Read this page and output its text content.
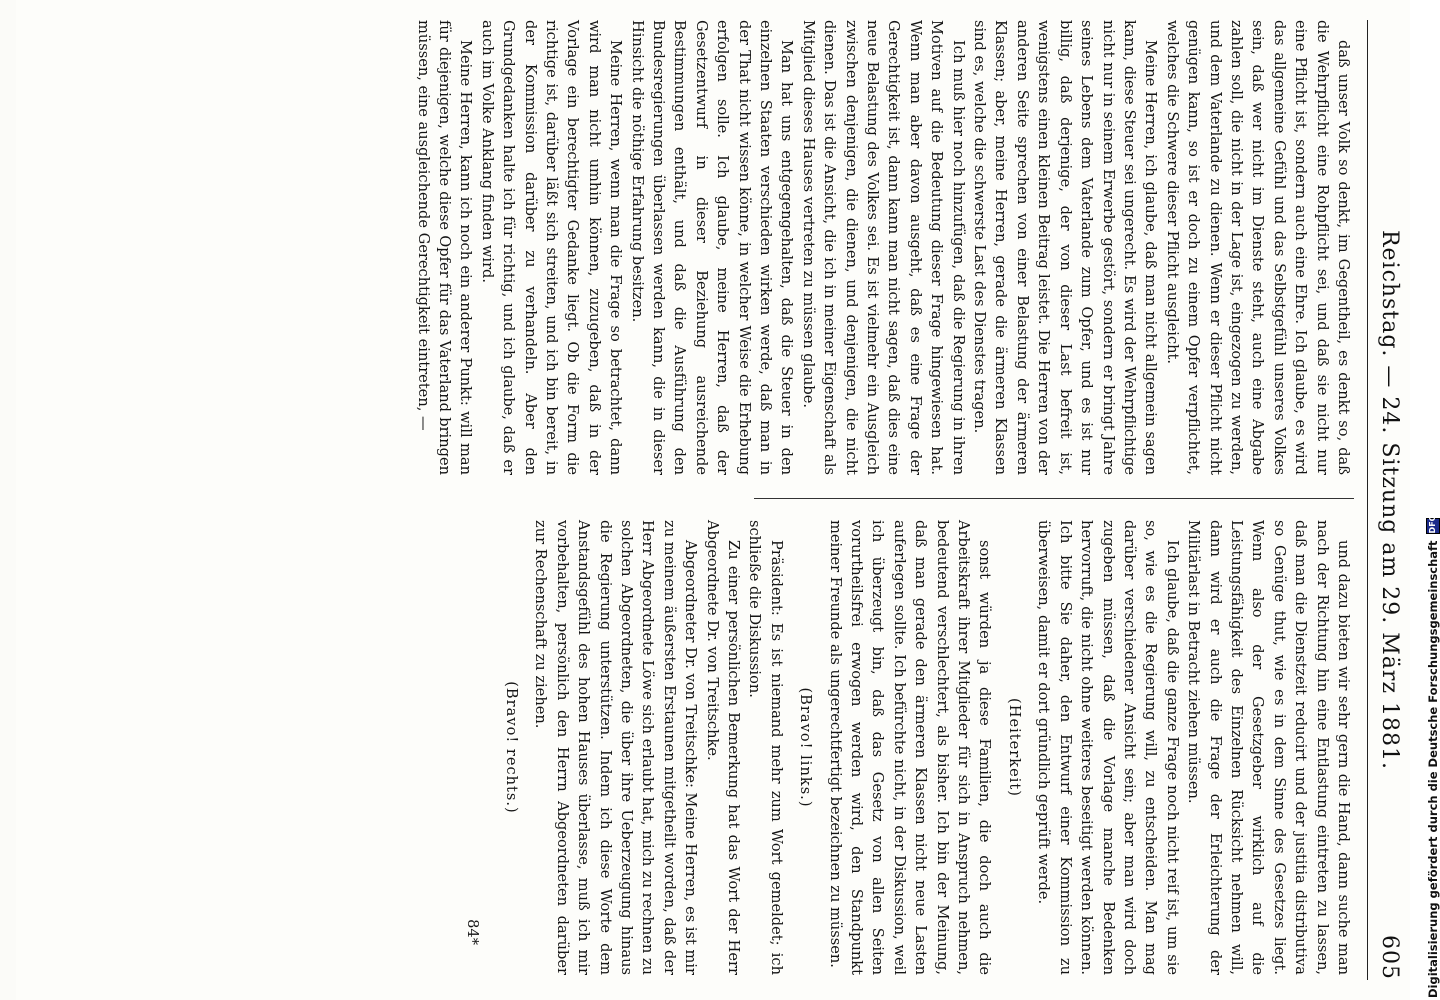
Reichstag. — 24. Sitzung am 29. März 1881.
605

daß unser Volk so denkt, im Gegentheil, es denkt so, daß die Wehrpflicht eine Rohpflicht sei, und daß sie nicht nur eine Pflicht ist, sondern auch eine Ehre. Ich glaube, es wird das allgemeine Gefühl und das Selbstgefühl unseres Volkes sein, daß wer nicht im Dienste steht, auch eine Abgabe zahlen soll, die nicht in der Lage ist, eingezogen zu werden, und dem Vaterlande zu dienen. Wenn er dieser Pflicht nicht genügen kann, so ist er doch zu einem Opfer verpflichtet, welches die Schwere dieser Pflicht ausgleicht.

Meine Herren, ich glaube, daß man nicht allgemein sagen kann, diese Steuer sei ungerecht. Es wird der Wehrpflichtige nicht nur in seinem Erwerbe gestört, sondern er bringt Jahre seines Lebens dem Vaterlande zum Opfer, und es ist nur billig, daß derjenige, der von dieser Last befreit ist, wenigstens einen kleinen Beitrag leistet. Die Herren von der anderen Seite sprechen von einer Belastung der ärmeren Klassen; aber, meine Herren, gerade die ärmeren Klassen sind es, welche die schwerste Last des Dienstes tragen.

Ich muß hier noch hinzufügen, daß die Regierung in ihren Motiven auf die Bedeutung dieser Frage hingewiesen hat. Wenn man aber davon ausgeht, daß es eine Frage der Gerechtigkeit ist, dann kann man nicht sagen, daß dies eine neue Belastung des Volkes sei. Es ist vielmehr ein Ausgleich zwischen denjenigen, die dienen, und denjenigen, die nicht dienen. Das ist die Ansicht, die ich in meiner Eigenschaft als Mitglied dieses Hauses vertreten zu müssen glaube.

Man hat uns entgegengehalten, daß die Steuer in den einzelnen Staaten verschieden wirken werde, daß man in der That nicht wissen könne, in welcher Weise die Erhebung erfolgen solle. Ich glaube, meine Herren, daß der Gesetzentwurf in dieser Beziehung ausreichende Bestimmungen enthält, und daß die Ausführung den Bundesregierungen überlassen werden kann, die in dieser Hinsicht die nöthige Erfahrung besitzen.

Meine Herren, wenn man die Frage so betrachtet, dann wird man nicht umhin können, zuzugeben, daß in der Vorlage ein berechtigter Gedanke liegt. Ob die Form die richtige ist, darüber läßt sich streiten, und ich bin bereit, in der Kommission darüber zu verhandeln. Aber den Grundgedanken halte ich für richtig, und ich glaube, daß er auch im Volke Anklang finden wird.

Meine Herren, kann ich noch ein anderer Punkt: will man für diejenigen, welche diese Opfer für das Vaterland bringen müssen, eine ausgleichende Gerechtigkeit eintreten, —

und dazu bieten wir sehr gern die Hand, dann suche man nach der Richtung hin eine Entlastung eintreten zu lassen, daß man die Dienstzeit reducirt und der justitia distributiva so Genüge thut, wie es in dem Sinne des Gesetzes liegt. Wenn also der Gesetzgeber wirklich auf die Leistungsfähigkeit des Einzelnen Rücksicht nehmen will, dann wird er auch die Frage der Erleichterung der Militärlast in Betracht ziehen müssen.

Ich glaube, daß die ganze Frage noch nicht reif ist, um sie so, wie es die Regierung will, zu entscheiden. Man mag darüber verschiedener Ansicht sein; aber man wird doch zugeben müssen, daß die Vorlage manche Bedenken hervorruft, die nicht ohne weiteres beseitigt werden können. Ich bitte Sie daher, den Entwurf einer Kommission zu überweisen, damit er dort gründlich geprüft werde.

(Heiterkeit)

sonst würden ja diese Familien, die doch auch die Arbeitskraft ihrer Mitglieder für sich in Anspruch nehmen, bedeutend verschlechtert, als bisher. Ich bin der Meinung, daß man gerade den ärmeren Klassen nicht neue Lasten auferlegen sollte. Ich befürchte nicht, in der Diskussion, weil ich überzeugt bin, daß das Gesetz von allen Seiten vorurtheilsfrei erwogen werden wird, den Standpunkt meiner Freunde als ungerechtfertigt bezeichnen zu müssen.

(Bravo! links.)

Präsident: Es ist niemand mehr zum Wort gemeldet; ich schließe die Diskussion.

Zu einer persönlichen Bemerkung hat das Wort der Herr Abgeordnete Dr. von Treitschke.

Abgeordneter Dr. von Treitschke: Meine Herren, es ist mir zu meinem äußersten Erstaunen mitgetheilt worden, daß der Herr Abgeordnete Löwe sich erlaubt hat, mich zu rechnen zu solchen Abgeordneten, die über ihre Ueberzeugung hinaus die Regierung unterstützen. Indem ich diese Worte dem Anstandsgefühl des hohen Hauses überlasse, muß ich mir vorbehalten, persönlich den Herrn Abgeordneten darüber zur Rechenschaft zu ziehen.

(Bravo! rechts.)

84*	Digitalisierung gefördert durch die Deutsche Forschungsgemeinschaft
DFG
